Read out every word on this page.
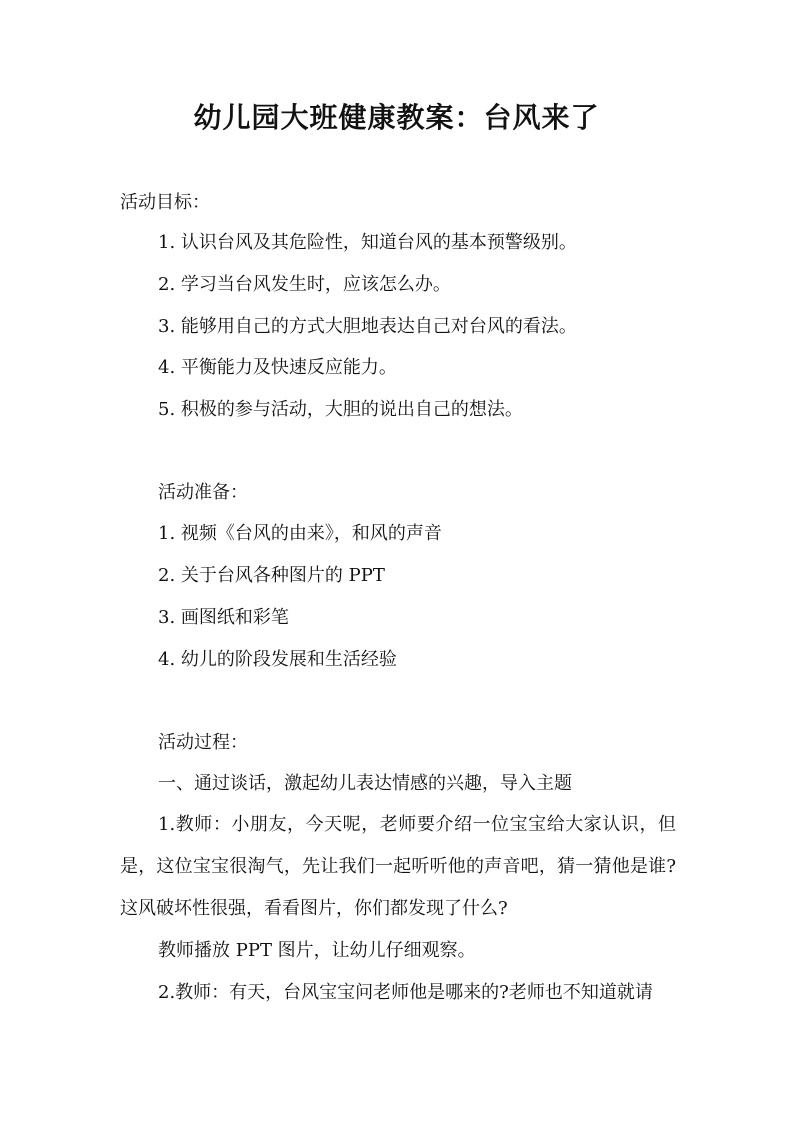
幼儿园大班健康教案：台风来了
活动目标：
1. 认识台风及其危险性，知道台风的基本预警级别。
2. 学习当台风发生时，应该怎么办。
3. 能够用自己的方式大胆地表达自己对台风的看法。
4. 平衡能力及快速反应能力。
5. 积极的参与活动，大胆的说出自己的想法。
活动准备：
1. 视频《台风的由来》，和风的声音
2. 关于台风各种图片的 PPT
3. 画图纸和彩笔
4. 幼儿的阶段发展和生活经验
活动过程：
一、通过谈话，激起幼儿表达情感的兴趣，导入主题
1.教师：小朋友，今天呢，老师要介绍一位宝宝给大家认识，但是，这位宝宝很淘气，先让我们一起听听他的声音吧，猜一猜他是谁?这风破坏性很强，看看图片，你们都发现了什么?
教师播放 PPT 图片，让幼儿仔细观察。
2.教师：有天，台风宝宝问老师他是哪来的?老师也不知道就请
